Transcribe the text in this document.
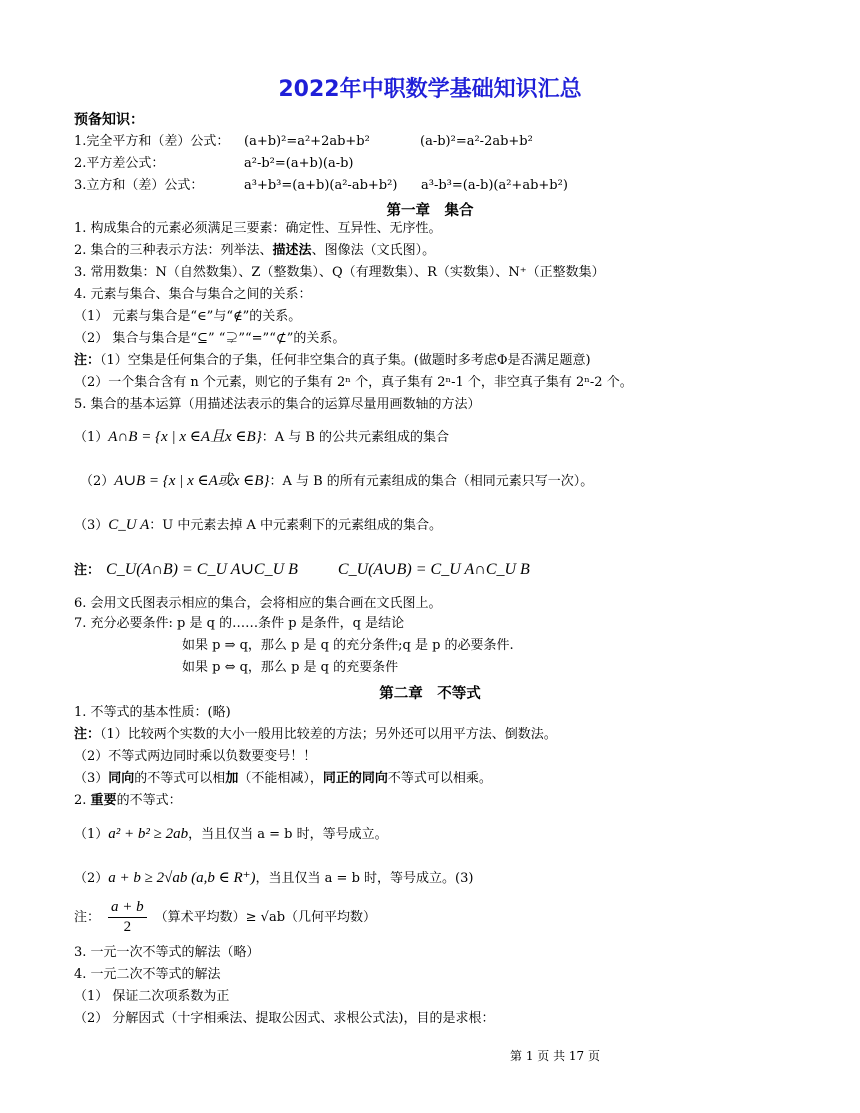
2022年中职数学基础知识汇总
预备知识：
1.完全平方和（差）公式： (a+b)²=a²+2ab+b²	(a-b)²=a²-2ab+b²
2.平方差公式：	a²-b²=(a+b)(a-b)
3.立方和（差）公式：	a³+b³=(a+b)(a²-ab+b²) a³-b³=(a-b)(a²+ab+b²)
第一章　集合
1. 构成集合的元素必须满足三要素：确定性、互异性、无序性。
2. 集合的三种表示方法：列举法、描述法、图像法（文氏图）。
3. 常用数集：N（自然数集）、Z（整数集）、Q（有理数集）、R（实数集）、N⁺（正整数集）
4. 元素与集合、集合与集合之间的关系：
（1） 元素与集合是“∈”与“∉”的关系。
（2） 集合与集合是“⊆” “⊋”“=”“⊄”的关系。
注：（1）空集是任何集合的子集，任何非空集合的真子集。(做题时多考虑Φ是否满足题意)
（2）一个集合含有 n 个元素，则它的子集有 2ⁿ 个，真子集有 2ⁿ-1 个，非空真子集有 2ⁿ-2 个。
5. 集合的基本运算（用描述法表示的集合的运算尽量用画数轴的方法）
（1）A∩B = {x | x ∈A且x ∈B}：A 与 B 的公共元素组成的集合
（2）A∪B = {x | x ∈A或x ∈B}：A 与 B 的所有元素组成的集合（相同元素只写一次）。
（3）C_U A：U 中元素去掉 A 中元素剩下的元素组成的集合。
注： C_U(A∩B) = C_U A∪C_U B	C_U(A∪B) = C_U A∩C_U B
6. 会用文氏图表示相应的集合，会将相应的集合画在文氏图上。
7. 充分必要条件: p 是 q 的……条件 p 是条件，q 是结论
如果 p ⇒ q，那么 p 是 q 的充分条件;q 是 p 的必要条件.
如果 p ⇔ q，那么 p 是 q 的充要条件
第二章　不等式
1. 不等式的基本性质：(略)
注：（1）比较两个实数的大小一般用比较差的方法；另外还可以用平方法、倒数法。
（2）不等式两边同时乘以负数要变号！！
（3）同向的不等式可以相加（不能相减），同正的同向不等式可以相乘。
2. 重要的不等式：
（1）a² + b² ≥ 2ab，当且仅当 a = b 时，等号成立。
（2）a + b ≥ 2√ab (a,b ∈ R⁺)，当且仅当 a = b 时，等号成立。(3)
注： $\frac{a + b}{2}$ （算术平均数）≥ √ab（几何平均数）
3. 一元一次不等式的解法（略）
4. 一元二次不等式的解法
（1） 保证二次项系数为正
（2） 分解因式（十字相乘法、提取公因式、求根公式法)，目的是求根：
第 1 页 共 17 页
